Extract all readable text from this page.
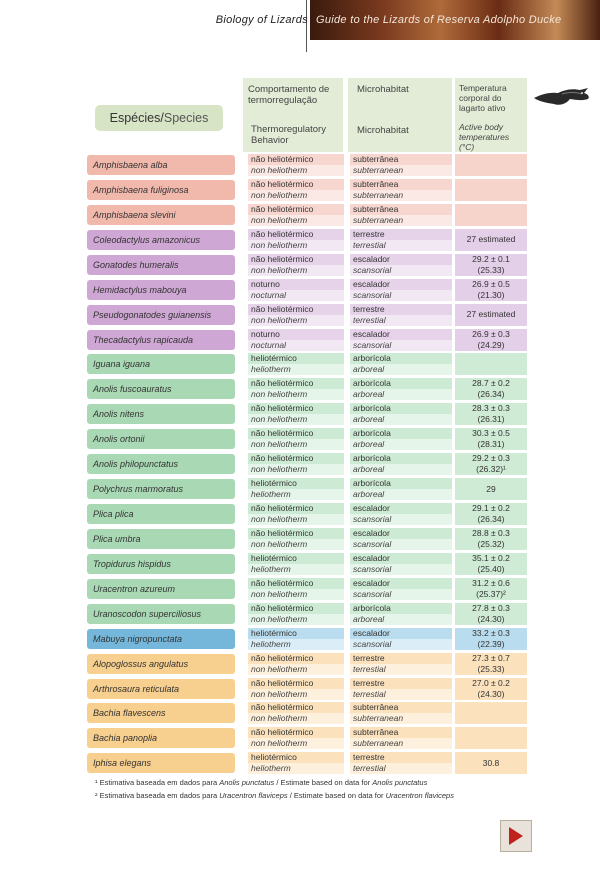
Biology of Lizards Guide to the Lizards of Reserva Adolpho Ducke
Espécies / Species
Comportamento de termorregulação
Thermoregulatory Behavior
Microhabitat
Microhabitat
Temperatura corporal do lagarto ativo
Active body temperatures (°C)
Amphisbaena alba
não heliotérmico
non heliotherm
subterrânea
subterranean
Amphisbaena fuliginosa
não heliotérmico
non heliotherm
subterrânea
subterranean
Amphisbaena slevini
não heliotérmico
non heliotherm
subterrânea
subterranean
Coleodactylus amazonicus
não heliotérmico
non heliotherm
terrestre
terrestial
27 estimated
Gonatodes humeralis
não heliotérmico
non heliotherm
escalador
scansorial
29.2 ± 0.1
(25.33)
Hemidactylus mabouya
noturno
nocturnal
escalador
scansorial
26.9 ± 0.5
(21.30)
Pseudogonatodes guianensis
não heliotérmico
non heliotherm
terrestre
terrestial
27 estimated
Thecadactylus rapicauda
noturno
nocturnal
escalador
scansorial
26.9 ± 0.3
(24.29)
Iguana iguana
heliotérmico
heliotherm
arborícola
arboreal
Anolis fuscoauratus
não heliotérmico
non heliotherm
arborícola
arboreal
28.7 ± 0.2
(26.34)
Anolis nitens
não heliotérmico
non heliotherm
arborícola
arboreal
28.3 ± 0.3
(26.31)
Anolis ortonii
não heliotérmico
non heliotherm
arborícola
arboreal
30.3 ± 0.5
(28.31)
Anolis philopunctatus
não heliotérmico
non heliotherm
arborícola
arboreal
29.2 ± 0.3
(26.32)¹
Polychrus marmoratus
heliotérmico
heliotherm
arborícola
arboreal
29
Plica plica
não heliotérmico
non heliotherm
escalador
scansorial
29.1 ± 0.2
(26.34)
Plica umbra
não heliotérmico
non heliotherm
escalador
scansorial
28.8 ± 0.3
(25.32)
Tropidurus hispidus
heliotérmico
heliotherm
escalador
scansorial
35.1 ± 0.2
(25.40)
Uracentron azureum
não heliotérmico
non heliotherm
escalador
scansorial
31.2 ± 0.6
(25.37)²
Uranoscodon superciliosus
não heliotérmico
non heliotherm
arborícola
arboreal
27.8 ± 0.3
(24.30)
Mabuya nigropunctata
heliotérmico
heliotherm
escalador
scansorial
33.2 ± 0.3
(22.39)
Alopoglossus angulatus
não heliotérmico
non heliotherm
terrestre
terrestial
27.3 ± 0.7
(25.33)
Arthrosaura reticulata
não heliotérmico
non heliotherm
terrestre
terrestial
27.0 ± 0.2
(24.30)
Bachia flavescens
não heliotérmico
non heliotherm
subterrânea
subterranean
Bachia panoplia
não heliotérmico
non heliotherm
subterrânea
subterranean
Iphisa elegans
heliotérmico
heliotherm
terrestre
terrestial
30.8
¹ Estimativa baseada em dados para Anolis punctatus / Estimate based on data for Anolis punctatus
² Estimativa baseada em dados para Uracentron flaviceps / Estimate based on data for Uracentron flaviceps
